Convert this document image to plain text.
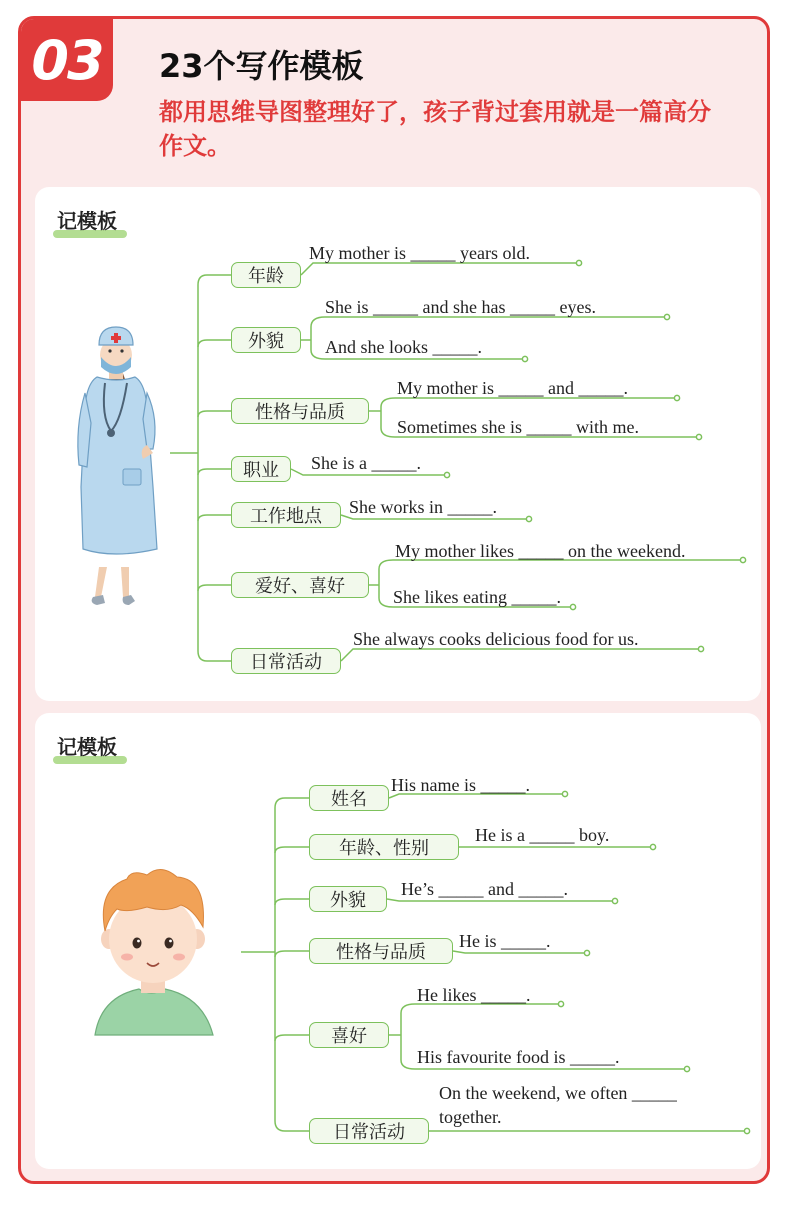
03	23个写作模板
都用思维导图整理好了，孩子背过套用就是一篇高分作文。
记模板
年龄
外貌
性格与品质
职业
工作地点
爱好、喜好
日常活动
My mother is _____ years old.
She is _____ and she has _____ eyes.
And she looks _____.
My mother is _____ and _____.
Sometimes she is _____ with me.
She is a _____.
She works in _____.
My mother likes _____ on the weekend.
She likes eating _____.
She always cooks delicious food for us.
记模板
姓名
年龄、性别
外貌
性格与品质
喜好
日常活动
His name is _____.
He is a _____ boy.
He’s _____ and _____.
He is _____.
He likes _____.
His favourite food is _____.
On the weekend, we often _____
together.
